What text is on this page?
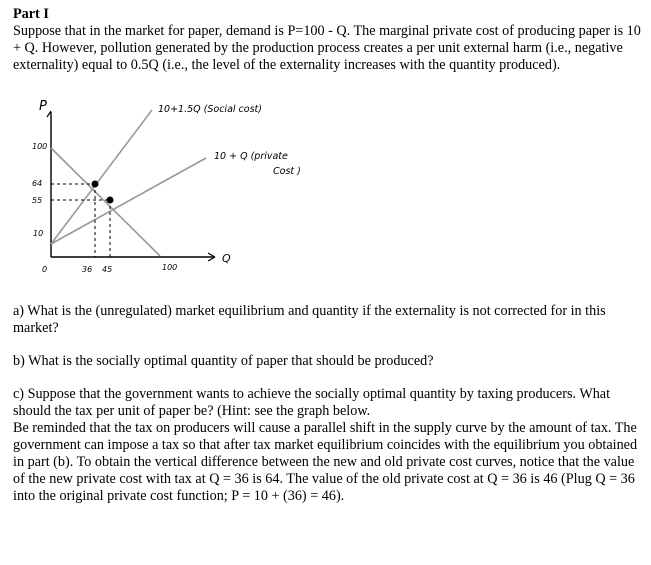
Part I
Suppose that in the market for paper, demand is P=100 - Q. The marginal private cost of producing paper is 10 + Q. However, pollution generated by the production process creates a per unit external harm (i.e., negative externality) equal to 0.5Q (i.e., the level of the externality increases with the quantity produced).
P
Q
10+1.5Q (Social cost)
10 + Q (private
Cost )
100
64
55
10
0	36 45	100
a) What is the (unregulated) market equilibrium and quantity if the externality is not corrected for in this market?
b) What is the socially optimal quantity of paper that should be produced?
c) Suppose that the government wants to achieve the socially optimal quantity by taxing producers. What should the tax per unit of paper be? (Hint: see the graph below.
Be reminded that the tax on producers will cause a parallel shift in the supply curve by the amount of tax. The government can impose a tax so that after tax market equilibrium coincides with the equilibrium you obtained in part (b). To obtain the vertical difference between the new and old private cost curves, notice that the value of the new private cost with tax at Q = 36 is 64. The value of the old private cost at Q = 36 is 46 (Plug Q = 36 into the original private cost function; P = 10 + (36) = 46).
